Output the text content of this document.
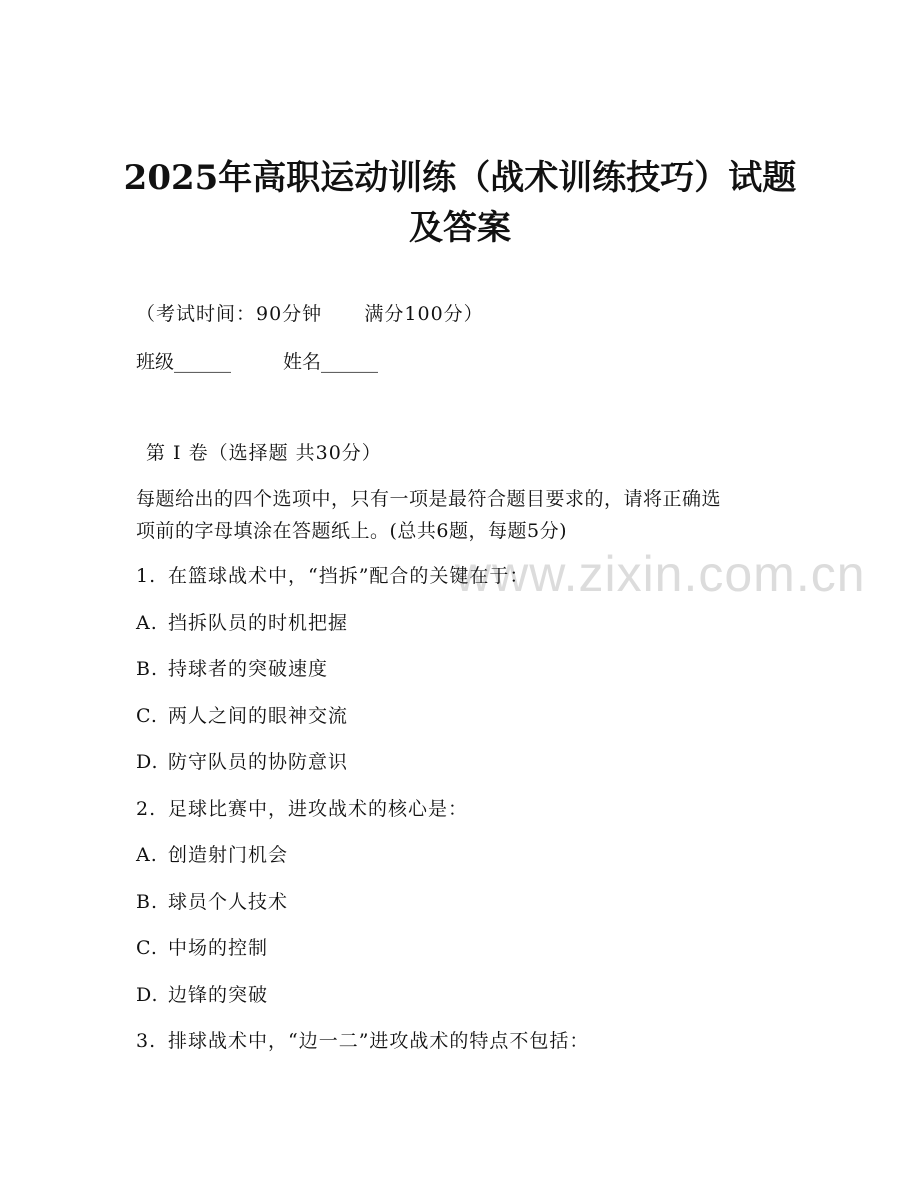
www.zixin.com.cn
2025年高职运动训练（战术训练技巧）试题
及答案
（考试时间：90分钟      满分100分）
班级______	姓名______
第 I 卷（选择题 共30分）
每题给出的四个选项中，只有一项是最符合题目要求的，请将正确选
项前的字母填涂在答题纸上。(总共6题，每题5分)
1. 在篮球战术中，“挡拆”配合的关键在于：
A. 挡拆队员的时机把握
B. 持球者的突破速度
C. 两人之间的眼神交流
D. 防守队员的协防意识
2. 足球比赛中，进攻战术的核心是：
A. 创造射门机会
B. 球员个人技术
C. 中场的控制
D. 边锋的突破
3. 排球战术中，“边一二”进攻战术的特点不包括：
